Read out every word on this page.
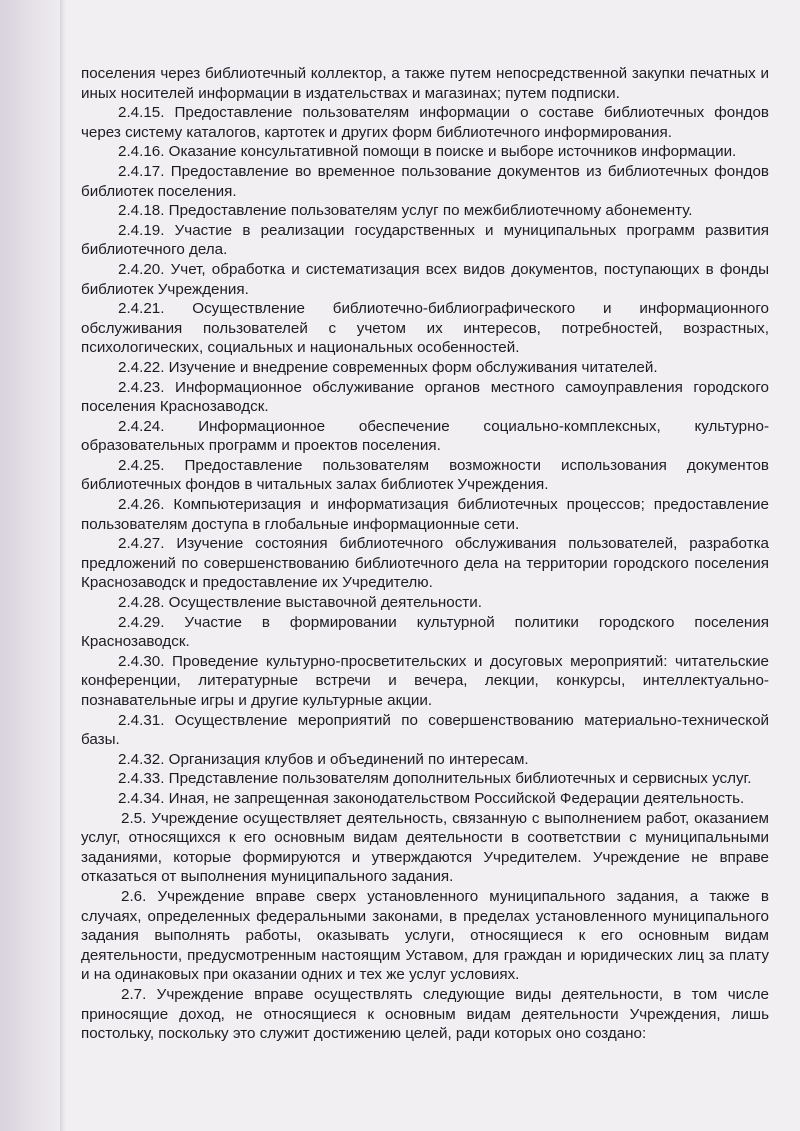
поселения через библиотечный коллектор, а также путем непосредственной закупки печатных и иных носителей информации в издательствах и магазинах; путем подписки.

2.4.15. Предоставление пользователям информации о составе библиотечных фондов через систему каталогов, картотек и других форм библиотечного информирования.

2.4.16. Оказание консультативной помощи в поиске и выборе источников информации.

2.4.17. Предоставление во временное пользование документов из библиотечных фондов библиотек поселения.

2.4.18. Предоставление пользователям услуг по межбиблиотечному абонементу.

2.4.19. Участие в реализации государственных и муниципальных программ развития библиотечного дела.

2.4.20. Учет, обработка и систематизация всех видов документов, поступающих в фонды библиотек Учреждения.

2.4.21. Осуществление библиотечно-библиографического и информационного обслуживания пользователей с учетом их интересов, потребностей, возрастных, психологических, социальных и национальных особенностей.

2.4.22. Изучение и внедрение современных форм обслуживания читателей.

2.4.23. Информационное обслуживание органов местного самоуправления городского поселения Краснозаводск.

2.4.24. Информационное обеспечение социально-комплексных, культурно-образовательных программ и проектов поселения.

2.4.25. Предоставление пользователям возможности использования документов библиотечных фондов в читальных залах библиотек Учреждения.

2.4.26. Компьютеризация и информатизация библиотечных процессов; предоставление пользователям доступа в глобальные информационные сети.

2.4.27. Изучение состояния библиотечного обслуживания пользователей, разработка предложений по совершенствованию библиотечного дела на территории городского поселения Краснозаводск и предоставление их Учредителю.

2.4.28. Осуществление выставочной деятельности.

2.4.29. Участие в формировании культурной политики городского поселения Краснозаводск.

2.4.30. Проведение культурно-просветительских и досуговых мероприятий: читательские конференции, литературные встречи и вечера, лекции, конкурсы, интеллектуально-познавательные игры и другие культурные акции.

2.4.31. Осуществление мероприятий по совершенствованию материально-технической базы.

2.4.32. Организация клубов и объединений по интересам.

2.4.33. Представление пользователям дополнительных библиотечных и сервисных услуг.

2.4.34. Иная, не запрещенная законодательством Российской Федерации деятельность.

2.5. Учреждение осуществляет деятельность, связанную с выполнением работ, оказанием услуг, относящихся к его основным видам деятельности в соответствии с муниципальными заданиями, которые формируются и утверждаются Учредителем. Учреждение не вправе отказаться от выполнения муниципального задания.

2.6. Учреждение вправе сверх установленного муниципального задания, а также в случаях, определенных федеральными законами, в пределах установленного муниципального задания выполнять работы, оказывать услуги, относящиеся к его основным видам деятельности, предусмотренным настоящим Уставом, для граждан и юридических лиц за плату и на одинаковых при оказании одних и тех же услуг условиях.

2.7. Учреждение вправе осуществлять следующие виды деятельности, в том числе приносящие доход, не относящиеся к основным видам деятельности Учреждения, лишь постольку, поскольку это служит достижению целей, ради которых оно создано:
